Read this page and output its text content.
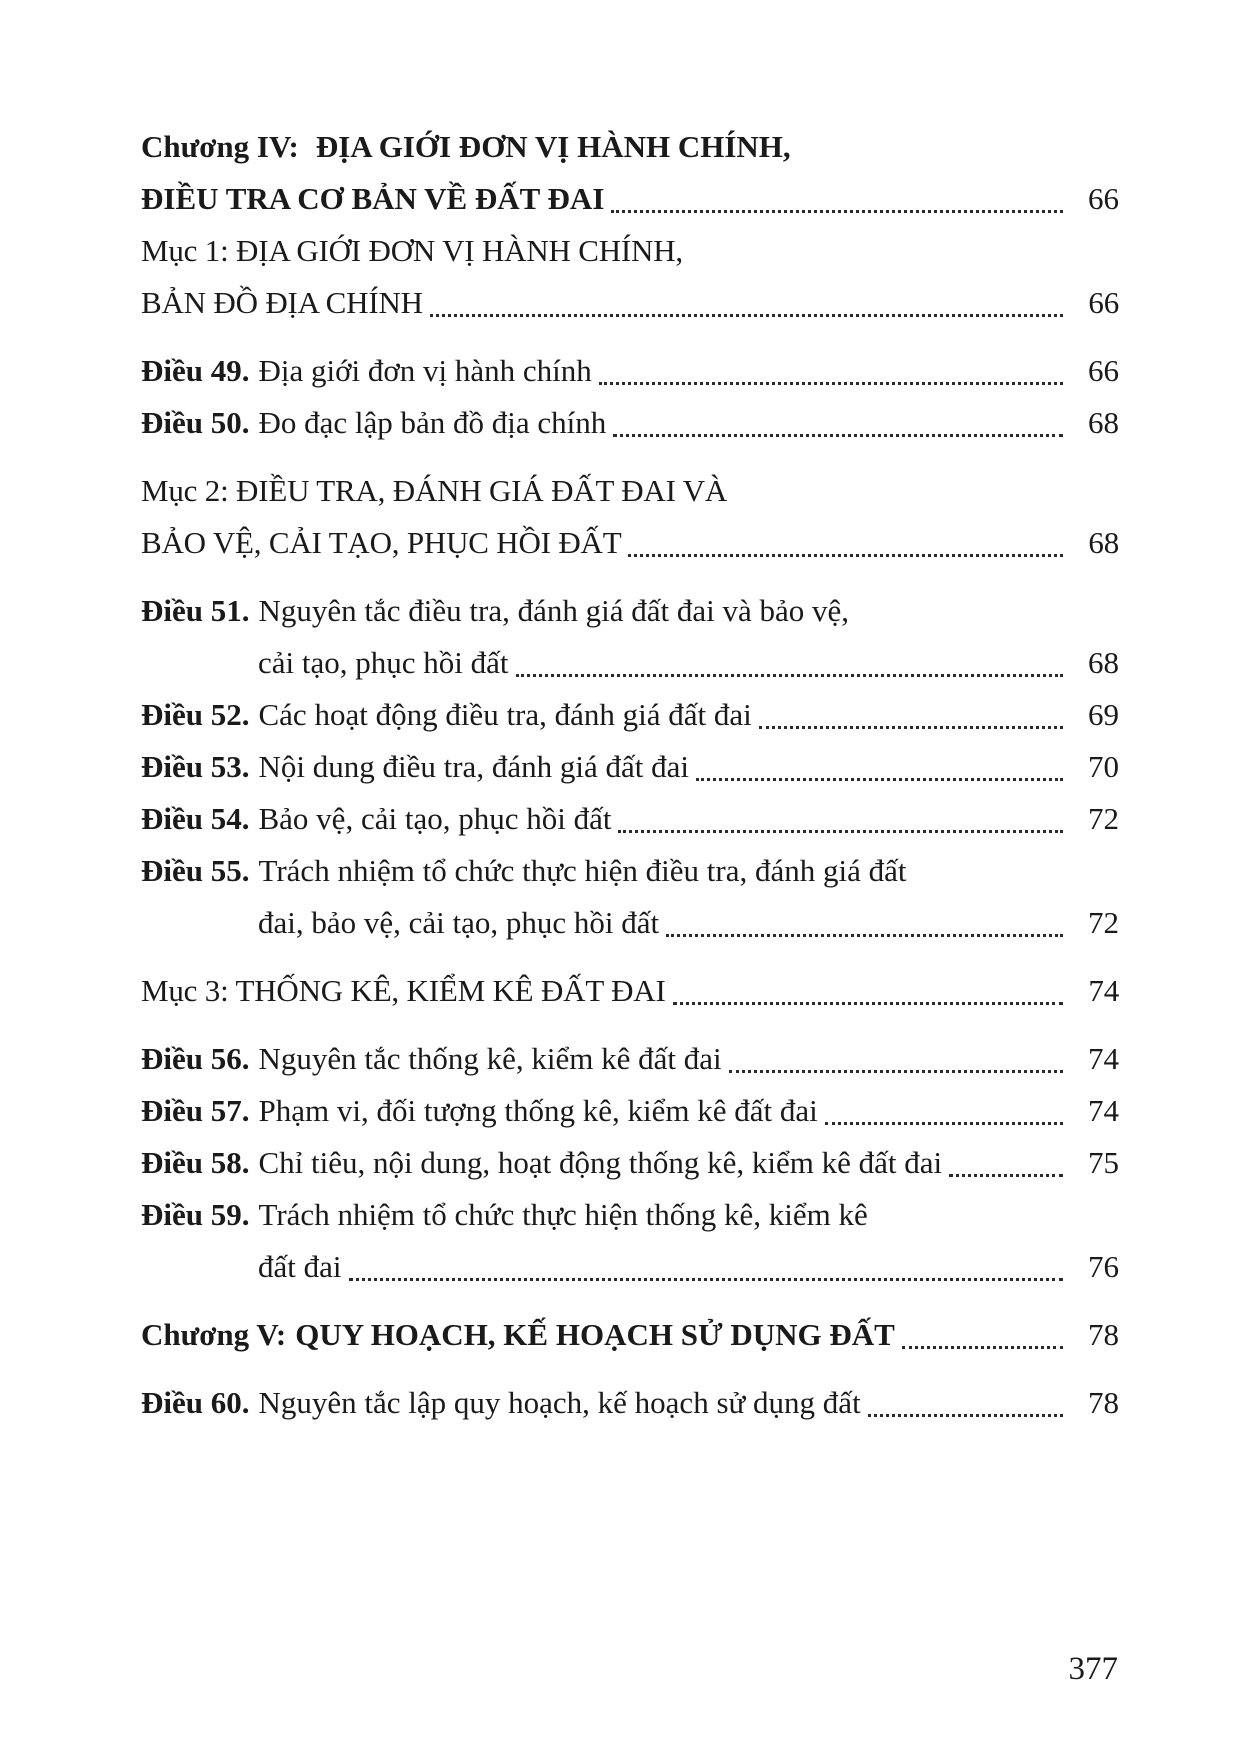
Chương IV: ĐỊA GIỚI ĐƠN VỊ HÀNH CHÍNH,
ĐIỀU TRA CƠ BẢN VỀ ĐẤT ĐAI	66
Mục 1: ĐỊA GIỚI ĐƠN VỊ HÀNH CHÍNH,
BẢN ĐỒ ĐỊA CHÍNH	66
Điều 49. Địa giới đơn vị hành chính	66
Điều 50. Đo đạc lập bản đồ địa chính	68
Mục 2: ĐIỀU TRA, ĐÁNH GIÁ ĐẤT ĐAI VÀ
BẢO VỆ, CẢI TẠO, PHỤC HỒI ĐẤT	68
Điều 51. Nguyên tắc điều tra, đánh giá đất đai và bảo vệ,
cải tạo, phục hồi đất	68
Điều 52. Các hoạt động điều tra, đánh giá đất đai	69
Điều 53. Nội dung điều tra, đánh giá đất đai	70
Điều 54. Bảo vệ, cải tạo, phục hồi đất	72
Điều 55. Trách nhiệm tổ chức thực hiện điều tra, đánh giá đất
đai, bảo vệ, cải tạo, phục hồi đất	72
Mục 3: THỐNG KÊ, KIỂM KÊ ĐẤT ĐAI	74
Điều 56. Nguyên tắc thống kê, kiểm kê đất đai	74
Điều 57. Phạm vi, đối tượng thống kê, kiểm kê đất đai	74
Điều 58. Chỉ tiêu, nội dung, hoạt động thống kê, kiểm kê đất đai	75
Điều 59. Trách nhiệm tổ chức thực hiện thống kê, kiểm kê
đất đai	76
Chương V: QUY HOẠCH, KẾ HOẠCH SỬ DỤNG ĐẤT	78
Điều 60. Nguyên tắc lập quy hoạch, kế hoạch sử dụng đất	78
377
